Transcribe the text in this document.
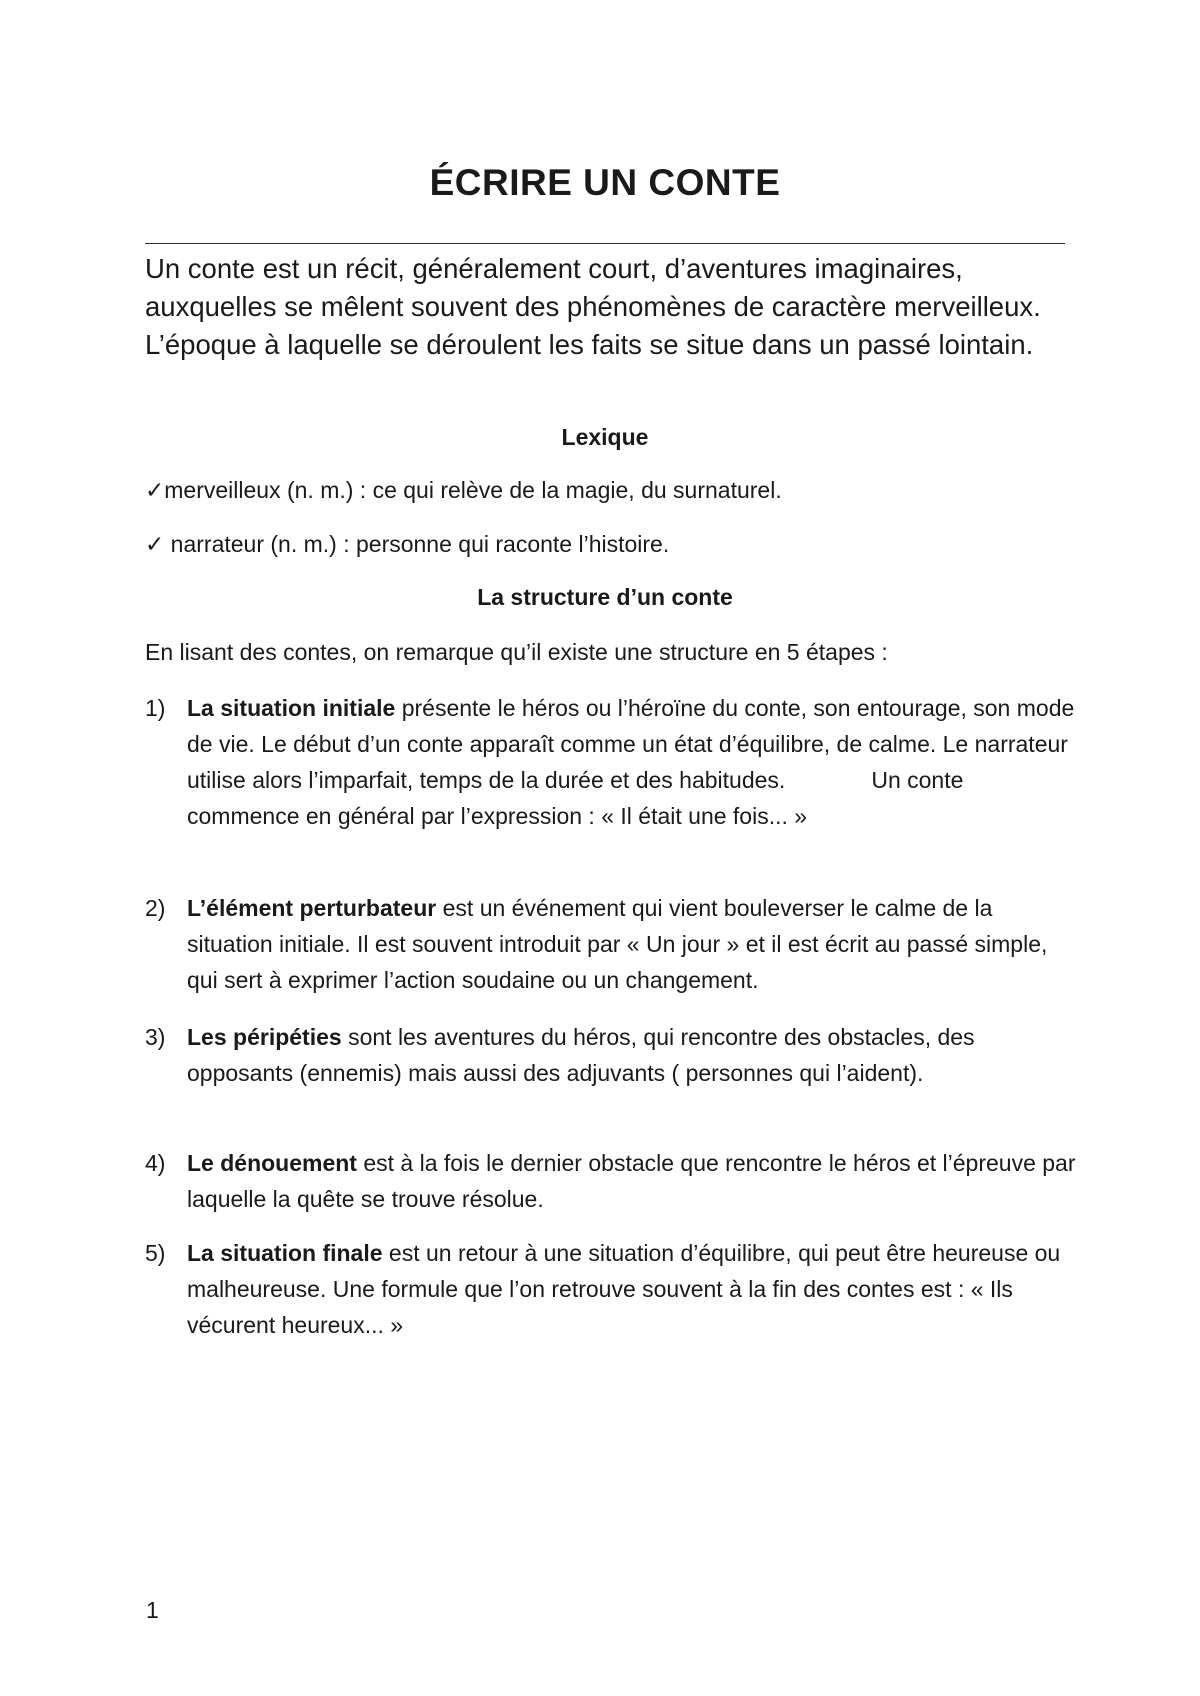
ÉCRIRE UN CONTE

Un conte est un récit, généralement court, d’aventures imaginaires, auxquelles se mêlent souvent des phénomènes de caractère merveilleux. L’époque à laquelle se déroulent les faits se situe dans un passé lointain.

Lexique

✓merveilleux (n. m.) : ce qui relève de la magie, du surnaturel.

✓ narrateur (n. m.) : personne qui raconte l’histoire.

La structure d’un conte

En lisant des contes, on remarque qu’il existe une structure en 5 étapes :

1) La situation initiale présente le héros ou l’héroïne du conte, son entourage, son mode de vie. Le début d’un conte apparaît comme un état d’équilibre, de calme. Le narrateur utilise alors l’imparfait, temps de la durée et des habitudes.	Un conte commence en général par l’expression : « Il était une fois... »
2) L’élément perturbateur est un événement qui vient bouleverser le calme de la situation initiale. Il est souvent introduit par « Un jour » et il est écrit au passé simple, qui sert à exprimer l’action soudaine ou un changement.
3) Les péripéties sont les aventures du héros, qui rencontre des obstacles, des opposants (ennemis) mais aussi des adjuvants ( personnes qui l’aident).
4) Le dénouement est à la fois le dernier obstacle que rencontre le héros et l’épreuve par laquelle la quête se trouve résolue.
5) La situation finale est un retour à une situation d’équilibre, qui peut être heureuse ou malheureuse. Une formule que l’on retrouve souvent à la fin des contes est : « Ils vécurent heureux... »

1
